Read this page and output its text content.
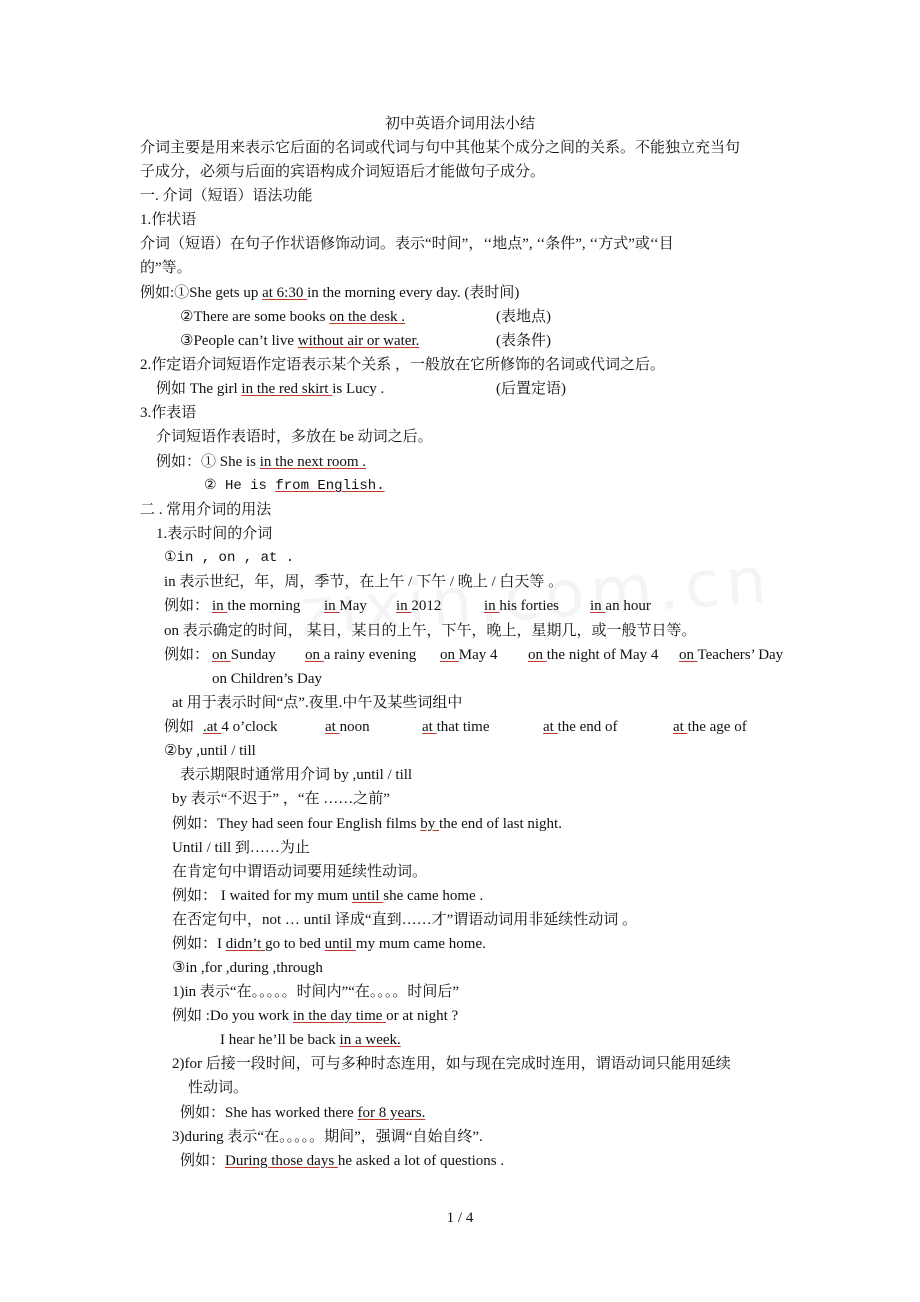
初中英语介词用法小结
介词主要是用来表示它后面的名词或代词与句中其他某个成分之间的关系。不能独立充当句
子成分，必须与后面的宾语构成介词短语后才能做句子成分。
一. 介词（短语）语法功能
1.作状语
介词（短语）在句子作状语修饰动词。表示“时间”，‘‘地点”, ‘‘条件”, ‘‘方式”或‘‘目
的”等。
例如:①She gets up at 6:30 in the morning every day. (表时间)
②There are some books on the desk .	(表地点)
③People can’t live without air or water.	(表条件)
2.作定语介词短语作定语表示某个关系 ，一般放在它所修饰的名词或代词之后。
例如 The girl in the red skirt is Lucy .	(后置定语)
3.作表语
介词短语作表语时，多放在 be 动词之后。
例如：① She is in the next room .
② He is from English.
二 . 常用介词的用法
1.表示时间的介词
①in , on , at .
in 表示世纪，年，周，季节，在上午 / 下午 / 晚上 / 白天等 。
例如： in the morning in May in 2012	in his forties in an hour
on 表示确定的时间， 某日，某日的上午，下午，晚上，星期几，或一般节日等。
例如： on Sunday on a rainy evening on May 4 on the night of May 4 on Teachers’ Day
on Children’s Day
at 用于表示时间“点”.夜里.中午及某些词组中
例如 .at 4 o’clock	at noon	at that time	at the end of	at the age of
②by ,until / till
表示期限时通常用介词 by ,until / till
by 表示“不迟于” ，“在 ……之前”
例如：They had seen four English films by the end of last night.
Until / till 到……为止
在肯定句中谓语动词要用延续性动词。
例如： I waited for my mum until she came home .
在否定句中，not … until 译成“直到……才”谓语动词用非延续性动词 。
例如：I didn’t go to bed until my mum came home.
③in ,for ,during ,through
1)in 表示“在。。。。。时间内”“在。。。。时间后”
例如 :Do you work in the day time or at night ?
I hear he’ll be back in a week.
2)for 后接一段时间，可与多种时态连用，如与现在完成时连用，谓语动词只能用延续
性动词。
例如：She has worked there for 8 years.
3)during 表示“在。。。。。期间”，强调“自始自终”.
例如：During those days he asked a lot of questions .
1 / 4
